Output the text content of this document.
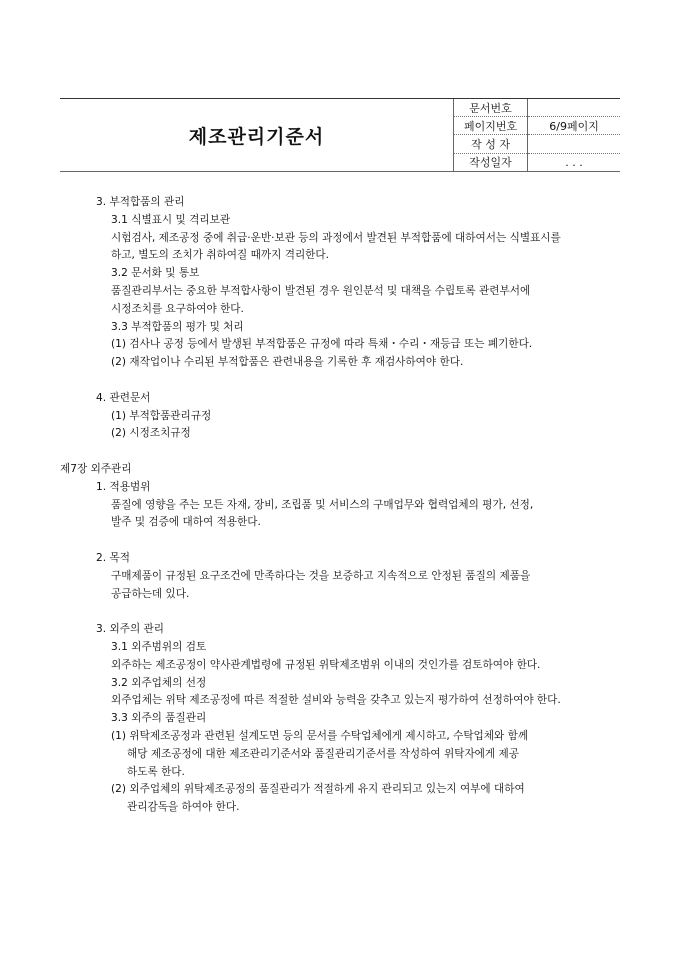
제조관리기준서
문서번호	
페이지번호	6/9페이지
작 성 자	
작성일자	. . .
3. 부적합품의 관리
3.1 식별표시 및 격리보관
시험검사, 제조공정 중에 취급·운반·보관 등의 과정에서 발견된 부적합품에 대하여서는 식별표시를
하고, 별도의 조치가 취하여질 때까지 격리한다.
3.2 문서화 및 통보
품질관리부서는 중요한 부적합사항이 발견된 경우 원인분석 및 대책을 수립토록 관련부서에
시정조치를 요구하여야 한다.
3.3 부적합품의 평가 및 처리
(1) 검사나 공정 등에서 발생된 부적합품은 규정에 따라 특채・수리・재등급 또는 폐기한다.
(2) 재작업이나 수리된 부적합품은 관련내용을 기록한 후 재검사하여야 한다.
4. 관련문서
(1) 부적합품관리규정
(2) 시정조치규정
제7장 외주관리
1. 적용범위
품질에 영향을 주는 모든 자재, 장비, 조립품 및 서비스의 구매업무와 협력업체의 평가, 선정,
발주 및 검증에 대하여 적용한다.
2. 목적
구매제품이 규정된 요구조건에 만족하다는 것을 보증하고 지속적으로 안정된 품질의 제품을
공급하는데 있다.
3. 외주의 관리
3.1 외주범위의 검토
외주하는 제조공정이 약사관계법령에 규정된 위탁제조범위 이내의 것인가를 검토하여야 한다.
3.2 외주업체의 선정
외주업체는 위탁 제조공정에 따른 적절한 설비와 능력을 갖추고 있는지 평가하여 선정하여야 한다.
3.3 외주의 품질관리
(1) 위탁제조공정과 관련된 설계도면 등의 문서를 수탁업체에게 제시하고, 수탁업체와 함께
해당 제조공정에 대한 제조관리기준서와 품질관리기준서를 작성하여 위탁자에게 제공
하도록 한다.
(2) 외주업체의 위탁제조공정의 품질관리가 적절하게 유지 관리되고 있는지 여부에 대하여
관리감독을 하여야 한다.
